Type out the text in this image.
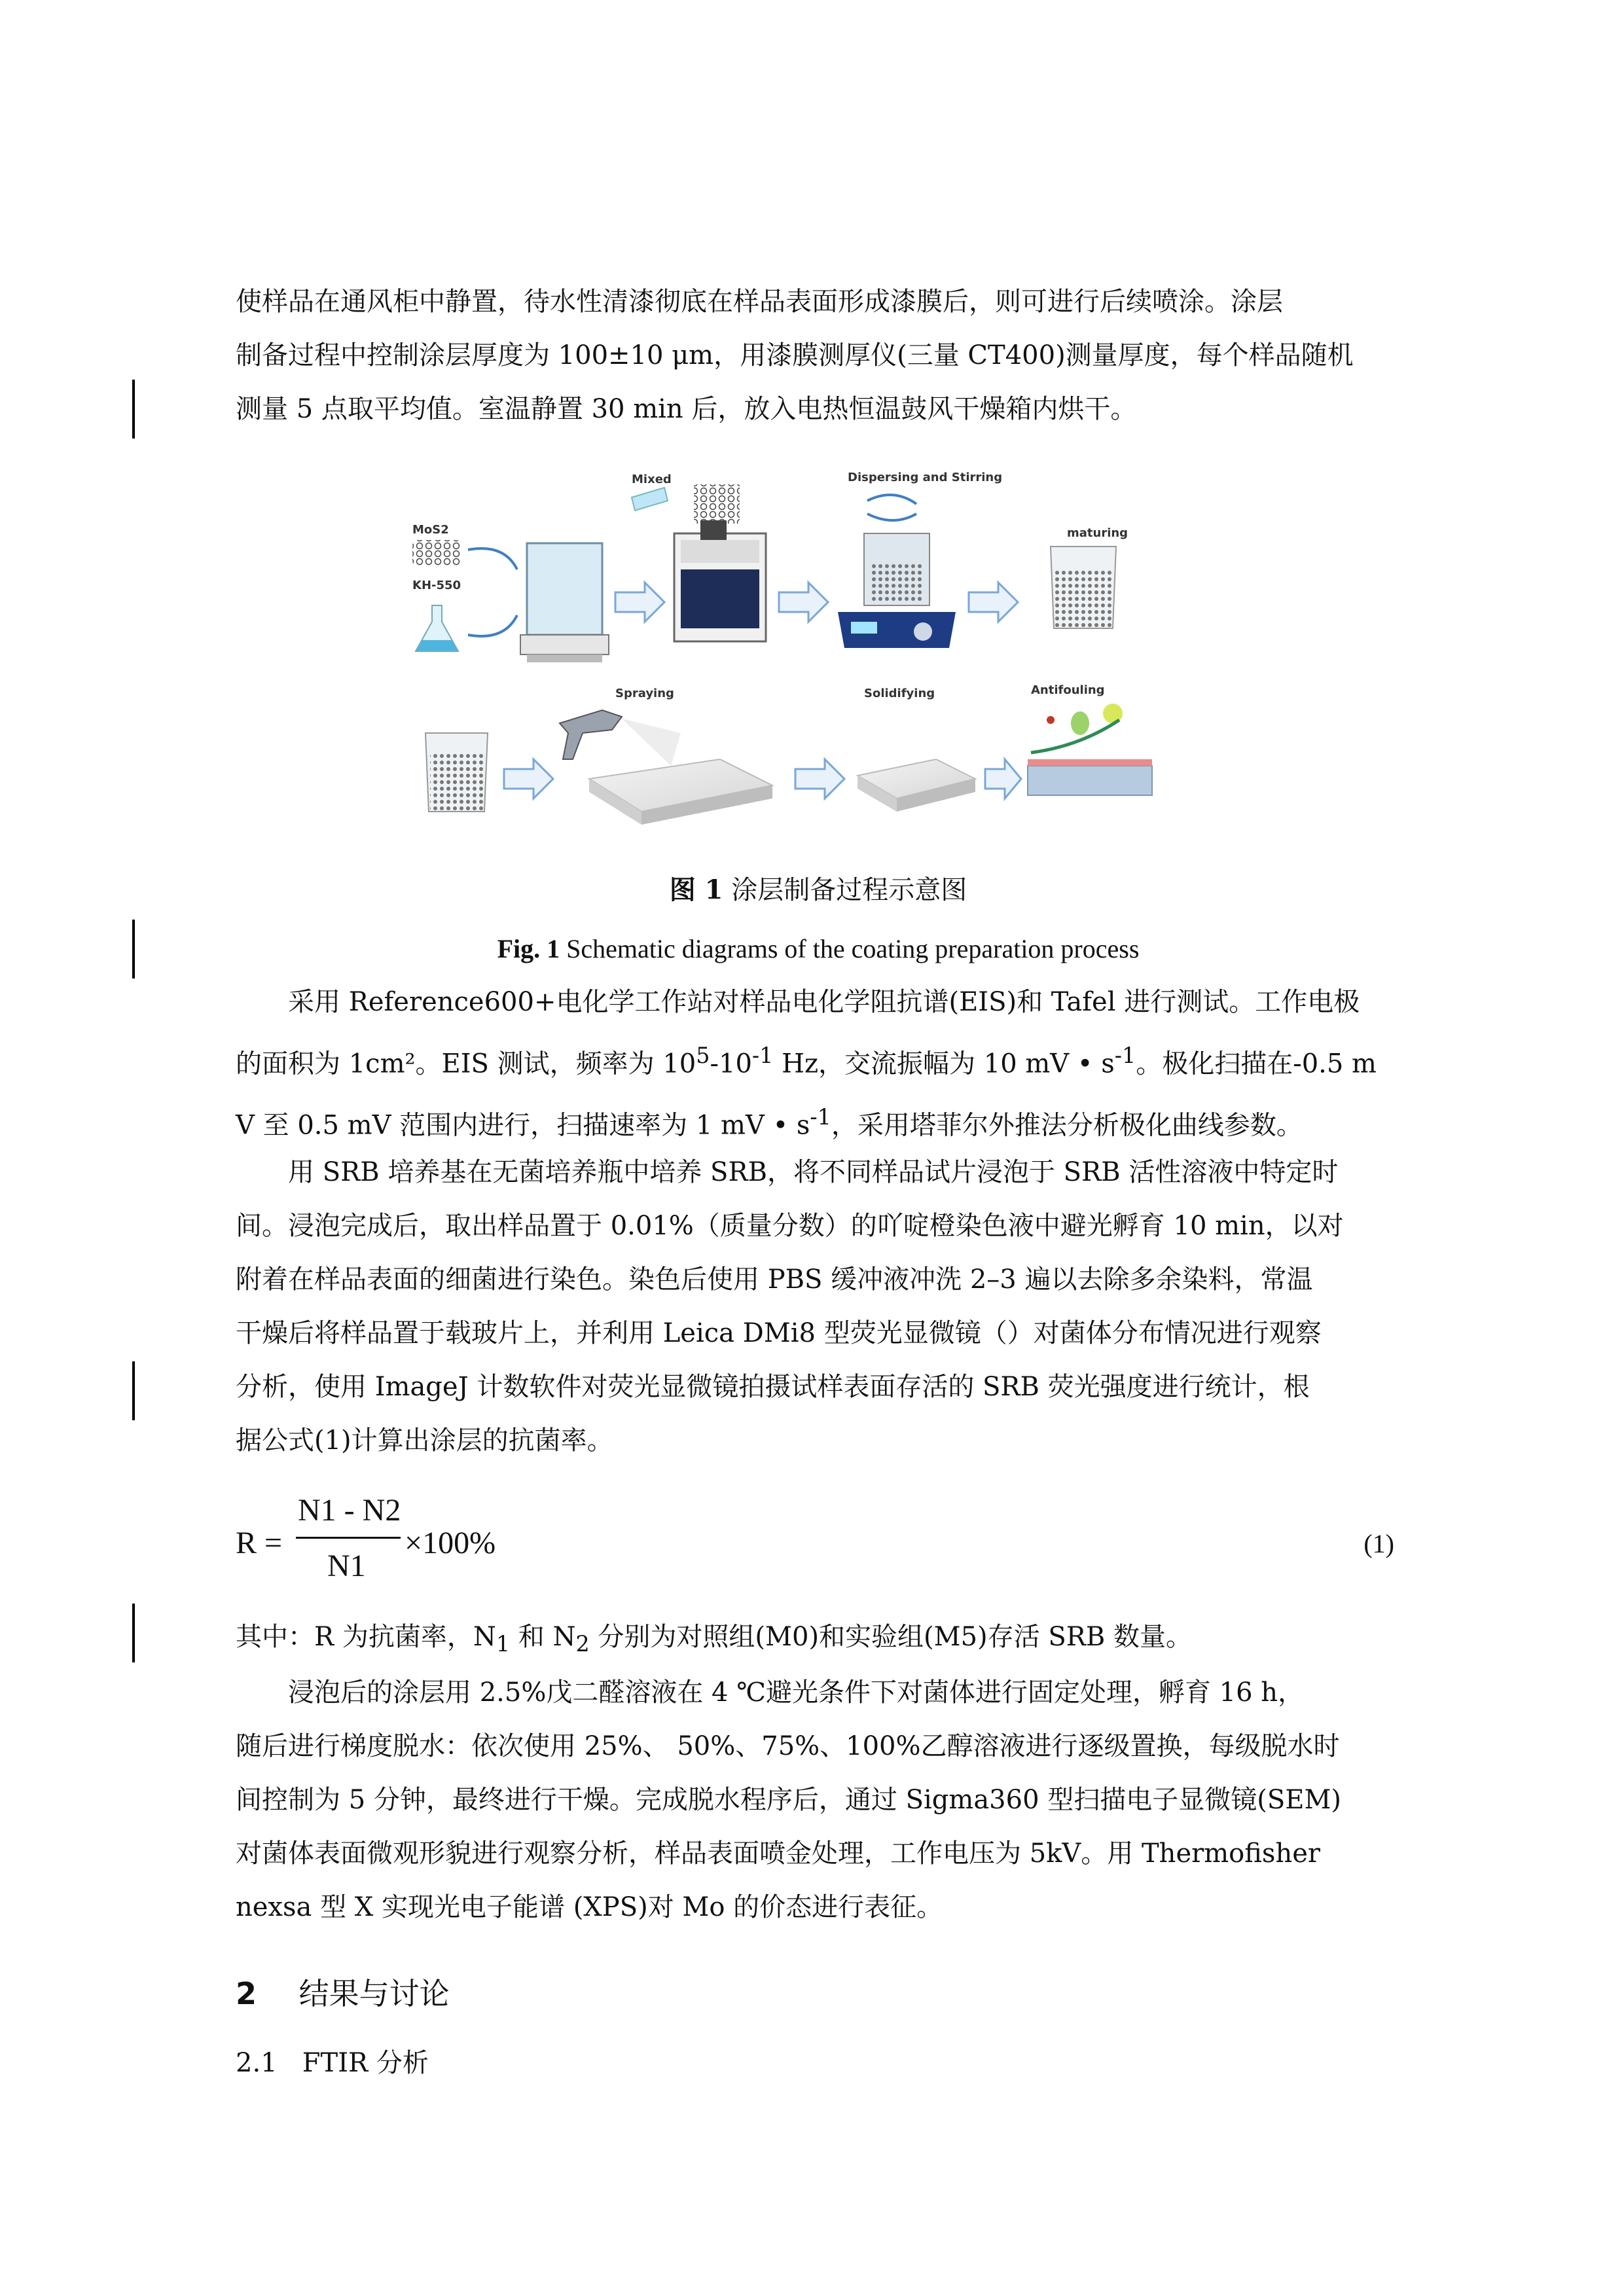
使样品在通风柜中静置，待水性清漆彻底在样品表面形成漆膜后，则可进行后续喷涂。涂层
制备过程中控制涂层厚度为 100±10 μm，用漆膜测厚仪(三量 CT400)测量厚度，每个样品随机
测量 5 点取平均值。室温静置 30 min 后，放入电热恒温鼓风干燥箱内烘干。

MoS2
KH-550
Mixed	Dispersing and Stirring
maturing
Spraying	Solidifying	Antifouling
图 1 涂层制备过程示意图
Fig. 1 Schematic diagrams of the coating preparation process

采用 Reference600+电化学工作站对样品电化学阻抗谱(EIS)和 Tafel 进行测试。工作电极
的面积为 1cm²。EIS 测试，频率为 $10^5-10^{-1}$ Hz，交流振幅为 10 mV • $s^{-1}$。极化扫描在-0.5 m
V 至 0.5 mV 范围内进行，扫描速率为 1 mV • $s^{-1}$，采用塔菲尔外推法分析极化曲线参数。

用 SRB 培养基在无菌培养瓶中培养 SRB，将不同样品试片浸泡于 SRB 活性溶液中特定时
间。浸泡完成后，取出样品置于 0.01%（质量分数）的吖啶橙染色液中避光孵育 10 min，以对
附着在样品表面的细菌进行染色。染色后使用 PBS 缓冲液冲洗 2–3 遍以去除多余染料，常温
干燥后将样品置于载玻片上，并利用 Leica DMi8 型荧光显微镜（）对菌体分布情况进行观察
分析，使用 ImageJ 计数软件对荧光显微镜拍摄试样表面存活的 SRB 荧光强度进行统计，根
据公式(1)计算出涂层的抗菌率。

R =
N1 - N2
N1
×100%	(1)

其中：R 为抗菌率，$N_1$ 和 $N_2$ 分别为对照组(M0)和实验组(M5)存活 SRB 数量。

浸泡后的涂层用 2.5%戊二醛溶液在 4 ℃避光条件下对菌体进行固定处理，孵育 16 h，
随后进行梯度脱水：依次使用 25%、 50%、75%、100%乙醇溶液进行逐级置换，每级脱水时
间控制为 5 分钟，最终进行干燥。完成脱水程序后，通过 Sigma360 型扫描电子显微镜(SEM)
对菌体表面微观形貌进行观察分析，样品表面喷金处理，工作电压为 5kV。用 Thermofisher
nexsa 型 X 实现光电子能谱 (XPS)对 Mo 的价态进行表征。

2 结果与讨论
2.1   FTIR 分析
